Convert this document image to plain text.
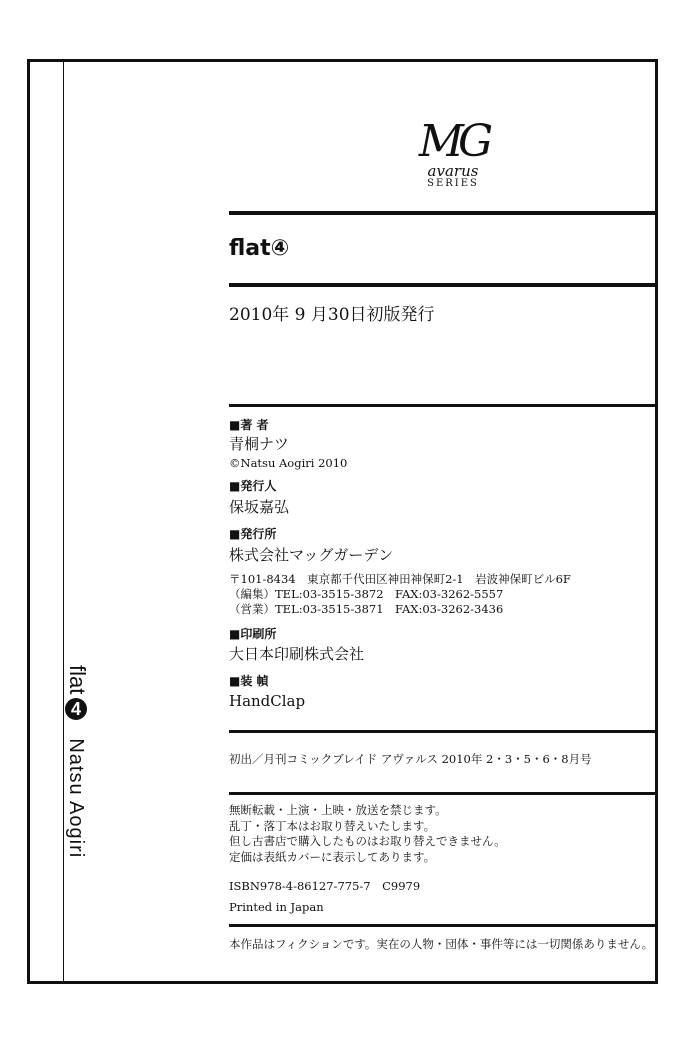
flat4Natsu Aogiri
MG
avarus
SERIES
flat④
2010年 9 月30日初版発行
■著 者
青桐ナツ
©Natsu Aogiri 2010
■発行人
保坂嘉弘
■発行所
株式会社マッグガーデン
〒101-8434　東京都千代田区神田神保町2-1　岩波神保町ビル6F
（編集）TEL:03-3515-3872　FAX:03-3262-5557
（営業）TEL:03-3515-3871　FAX:03-3262-3436
■印刷所
大日本印刷株式会社
■装 幀
HandClap
初出／月刊コミックブレイド アヴァルス 2010年 2・3・5・6・8月号
無断転載・上演・上映・放送を禁じます。
乱丁・落丁本はお取り替えいたします。
但し古書店で購入したものはお取り替えできません。
定価は表紙カバーに表示してあります。
ISBN978-4-86127-775-7　C9979
Printed in Japan
本作品はフィクションです。実在の人物・団体・事件等には一切関係ありません。
